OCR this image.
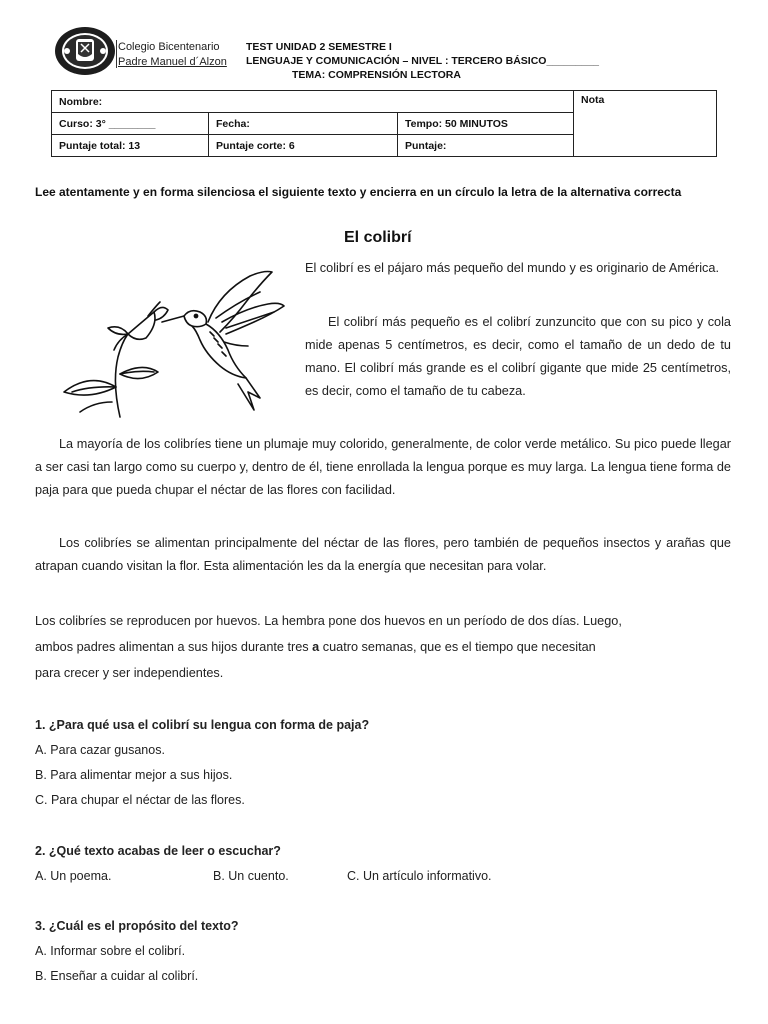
Colegio Bicentenario
Padre Manuel d´Alzon
TEST UNIDAD 2 SEMESTRE I
LENGUAJE Y COMUNICACIÓN – NIVEL : TERCERO BÁSICO_________
TEMA: COMPRENSIÓN LECTORA
Nombre:			Nota
Curso: 3° ________	Fecha:	Tempo: 50 MINUTOS	
Puntaje total: 13	Puntaje corte: 6	Puntaje:	
Lee atentamente y en forma silenciosa el siguiente texto y encierra en un círculo la letra de la alternativa correcta
El colibrí
El colibrí es el pájaro más pequeño del mundo y es originario de América.
El colibrí más pequeño es el colibrí zunzuncito que con su pico y cola mide apenas 5 centímetros, es decir, como el tamaño de un dedo de tu mano. El colibrí más grande es el colibrí gigante que mide 25 centímetros, es decir, como el tamaño de tu cabeza.
La mayoría de los colibríes tiene un plumaje muy colorido, generalmente, de color verde metálico. Su pico puede llegar a ser casi tan largo como su cuerpo y, dentro de él, tiene enrollada la lengua porque es muy larga. La lengua tiene forma de paja para que pueda chupar el néctar de las flores con facilidad.
Los colibríes se alimentan principalmente del néctar de las flores, pero también de pequeños insectos y arañas que atrapan cuando visitan la flor. Esta alimentación les da la energía que necesitan para volar.
Los colibríes se reproducen por huevos. La hembra pone dos huevos en un período de dos días. Luego,
ambos padres alimentan a sus hijos durante tres a cuatro semanas, que es el tiempo que necesitan
para crecer y ser independientes.
1. ¿Para qué usa el colibrí su lengua con forma de paja?
A. Para cazar gusanos.
B. Para alimentar mejor a sus hijos.
C. Para chupar el néctar de las flores.
2. ¿Qué texto acabas de leer o escuchar?
A. Un poema.	B. Un cuento.	C. Un artículo informativo.
3. ¿Cuál es el propósito del texto?
A. Informar sobre el colibrí.
B. Enseñar a cuidar al colibrí.
